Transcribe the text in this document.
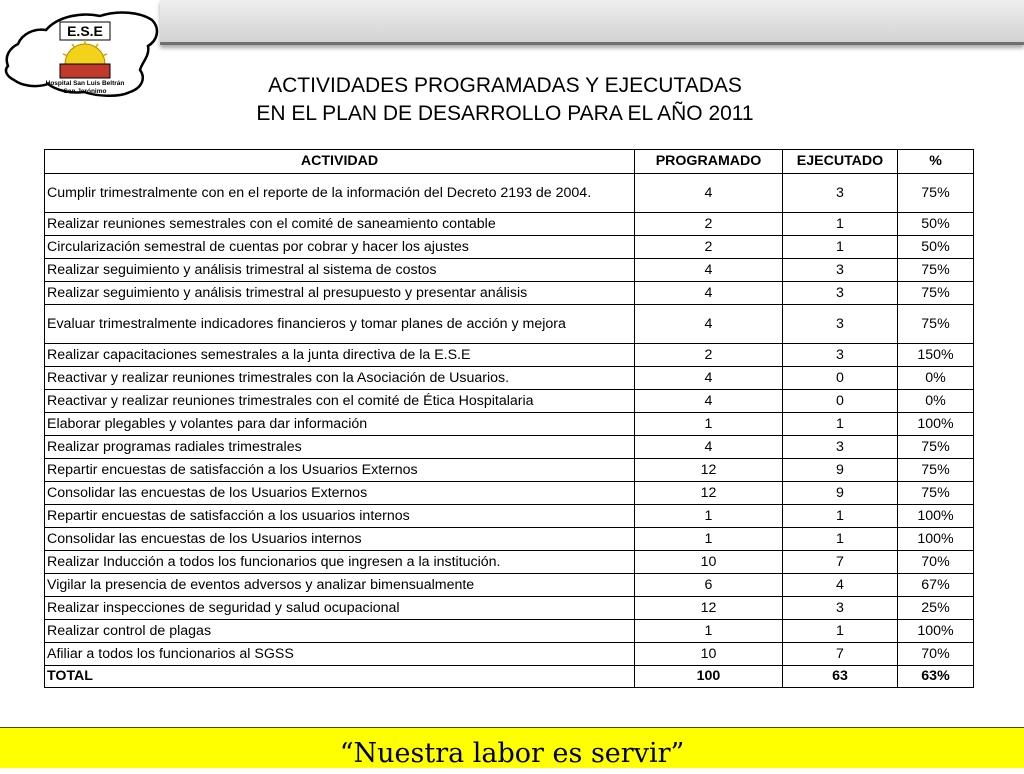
E.S.E
Hospital San Luis Beltrán
San Jerónimo	ACTIVIDADES PROGRAMADAS Y EJECUTADAS
EN EL PLAN DE DESARROLLO PARA EL AÑO 2011
ACTIVIDAD	PROGRAMADO	EJECUTADO	%
Cumplir trimestralmente con en el reporte de la información del Decreto 2193 de 2004.	4	3	75%
Realizar reuniones semestrales con el comité de saneamiento contable	2	1	50%
Circularización semestral de cuentas por cobrar y hacer los ajustes	2	1	50%
Realizar seguimiento y análisis trimestral al sistema de costos	4	3	75%
Realizar seguimiento y análisis trimestral al presupuesto y presentar análisis	4	3	75%
Evaluar trimestralmente indicadores financieros y tomar planes de acción y mejora	4	3	75%
Realizar capacitaciones semestrales a la junta directiva de la E.S.E	2	3	150%
Reactivar y realizar reuniones trimestrales con la Asociación de Usuarios.	4	0	0%
Reactivar y realizar reuniones trimestrales con el comité de Ética Hospitalaria	4	0	0%
Elaborar plegables y volantes para dar información	1	1	100%
Realizar programas radiales trimestrales	4	3	75%
Repartir encuestas de satisfacción a los Usuarios Externos	12	9	75%
Consolidar las encuestas de los Usuarios Externos	12	9	75%
Repartir encuestas de satisfacción a los usuarios internos	1	1	100%
Consolidar las encuestas de los Usuarios internos	1	1	100%
Realizar Inducción a todos los funcionarios que ingresen a la institución.	10	7	70%
Vigilar la presencia de eventos adversos y analizar bimensualmente	6	4	67%
Realizar inspecciones de seguridad y salud ocupacional	12	3	25%
Realizar control de plagas	1	1	100%
Afiliar a todos los funcionarios al SGSS	10	7	70%
TOTAL	100	63	63%
“Nuestra labor es servir”
